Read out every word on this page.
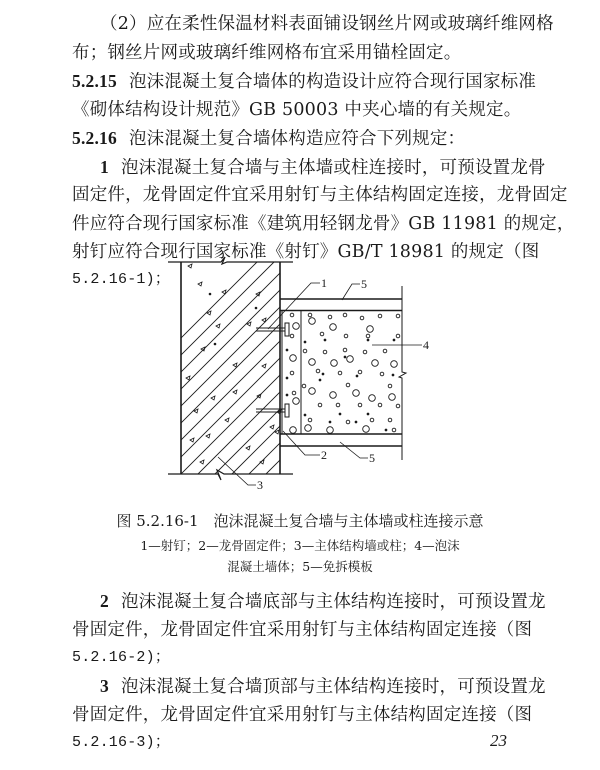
（2）应在柔性保温材料表面铺设钢丝片网或玻璃纤维网格
布；钢丝片网或玻璃纤维网格布宜采用锚栓固定。
5.2.15 泡沫混凝土复合墙体的构造设计应符合现行国家标准
《砌体结构设计规范》GB 50003 中夹心墙的有关规定。
5.2.16 泡沫混凝土复合墙体构造应符合下列规定：
1 泡沫混凝土复合墙与主体墙或柱连接时，可预设置龙骨
固定件，龙骨固定件宜采用射钉与主体结构固定连接，龙骨固定
件应符合现行国家标准《建筑用轻钢龙骨》GB 11981 的规定，
射钉应符合现行国家标准《射钉》GB/T 18981 的规定（图
5.2.16-1)；	1	5
4
2	5
3
图 5.2.16-1　泡沫混凝土复合墙与主体墙或柱连接示意
1—射钉；2—龙骨固定件；3—主体结构墙或柱；4—泡沫
混凝土墙体；5—免拆模板
2 泡沫混凝土复合墙底部与主体结构连接时，可预设置龙
骨固定件，龙骨固定件宜采用射钉与主体结构固定连接（图
5.2.16-2)；
3 泡沫混凝土复合墙顶部与主体结构连接时，可预设置龙
骨固定件，龙骨固定件宜采用射钉与主体结构固定连接（图
5.2.16-3)；	23
